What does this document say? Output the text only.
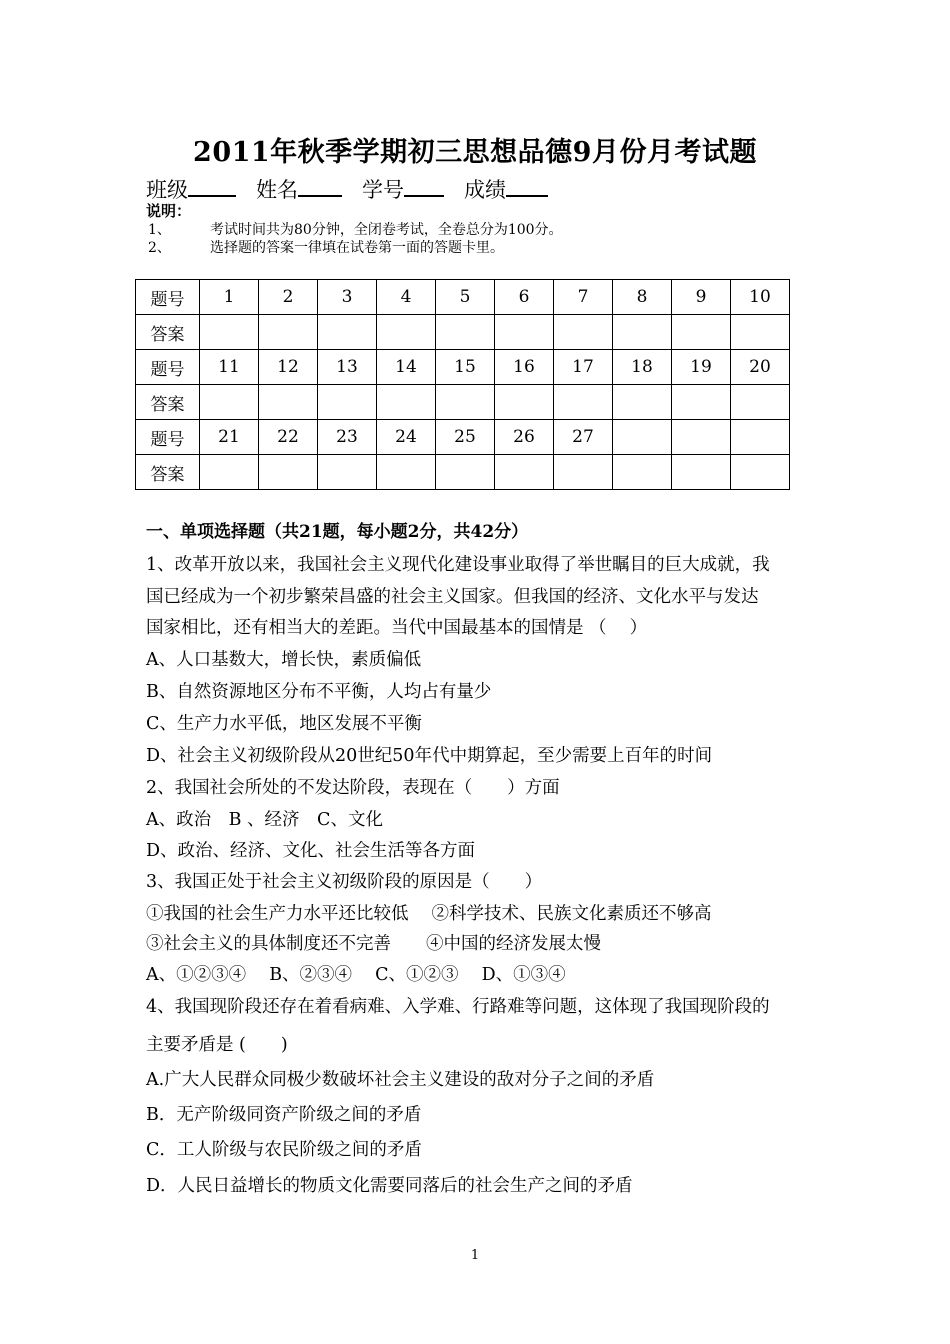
2011年秋季学期初三思想品德9月份月考试题
班级	姓名	学号	成绩
说明：
1、	考试时间共为80分钟，全闭卷考试，全卷总分为100分。
2、	选择题的答案一律填在试卷第一面的答题卡里。
题号	1	2	3	4	5	6	7	8	9	10
答案										
题号	11	12	13	14	15	16	17	18	19	20
答案										
题号	21	22	23	24	25	26	27			
答案										
一、单项选择题（共21题，每小题2分，共42分）
1、改革开放以来，我国社会主义现代化建设事业取得了举世瞩目的巨大成就，我
国已经成为一个初步繁荣昌盛的社会主义国家。但我国的经济、文化水平与发达
国家相比，还有相当大的差距。当代中国最基本的国情是 （　 ）
A、人口基数大，增长快，素质偏低
B、自然资源地区分布不平衡，人均占有量少
C、生产力水平低，地区发展不平衡
D、社会主义初级阶段从20世纪50年代中期算起，至少需要上百年的时间
2、我国社会所处的不发达阶段，表现在（　　）方面
A、政治　B 、经济　C、文化
D、政治、经济、文化、社会生活等各方面
3、我国正处于社会主义初级阶段的原因是（　　）
①我国的社会生产力水平还比较低　 ②科学技术、民族文化素质还不够高
③社会主义的具体制度还不完善　　④中国的经济发展太慢
A、①②③④　 B、②③④　 C、①②③　 D、①③④
4、我国现阶段还存在着看病难、入学难、行路难等问题，这体现了我国现阶段的
主要矛盾是 (　　)
A.广大人民群众同极少数破坏社会主义建设的敌对分子之间的矛盾
B．无产阶级同资产阶级之间的矛盾
C．工人阶级与农民阶级之间的矛盾
D．人民日益增长的物质文化需要同落后的社会生产之间的矛盾
1
